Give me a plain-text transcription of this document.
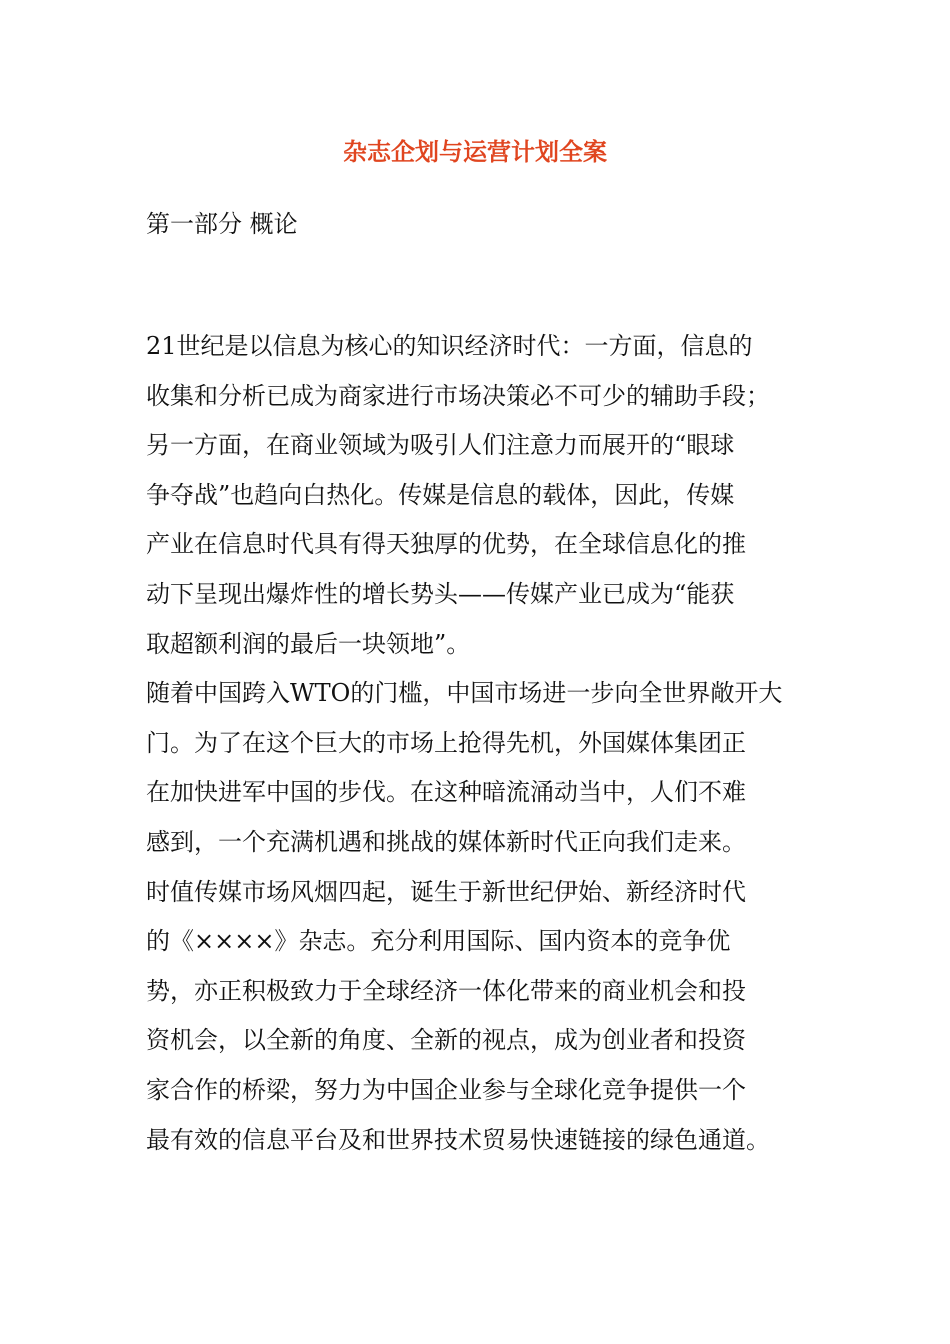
杂志企划与运营计划全案
第一部分 概论
21世纪是以信息为核心的知识经济时代：一方面，信息的
收集和分析已成为商家进行市场决策必不可少的辅助手段；
另一方面，在商业领域为吸引人们注意力而展开的“眼球
争夺战”也趋向白热化。传媒是信息的载体，因此，传媒
产业在信息时代具有得天独厚的优势，在全球信息化的推
动下呈现出爆炸性的增长势头——传媒产业已成为“能获
取超额利润的最后一块领地”。
随着中国跨入WTO的门槛，中国市场进一步向全世界敞开大
门。为了在这个巨大的市场上抢得先机，外国媒体集团正
在加快进军中国的步伐。在这种暗流涌动当中，人们不难
感到，一个充满机遇和挑战的媒体新时代正向我们走来。
时值传媒市场风烟四起，诞生于新世纪伊始、新经济时代
的《××××》杂志。充分利用国际、国内资本的竞争优
势，亦正积极致力于全球经济一体化带来的商业机会和投
资机会，以全新的角度、全新的视点，成为创业者和投资
家合作的桥梁，努力为中国企业参与全球化竞争提供一个
最有效的信息平台及和世界技术贸易快速链接的绿色通道。
